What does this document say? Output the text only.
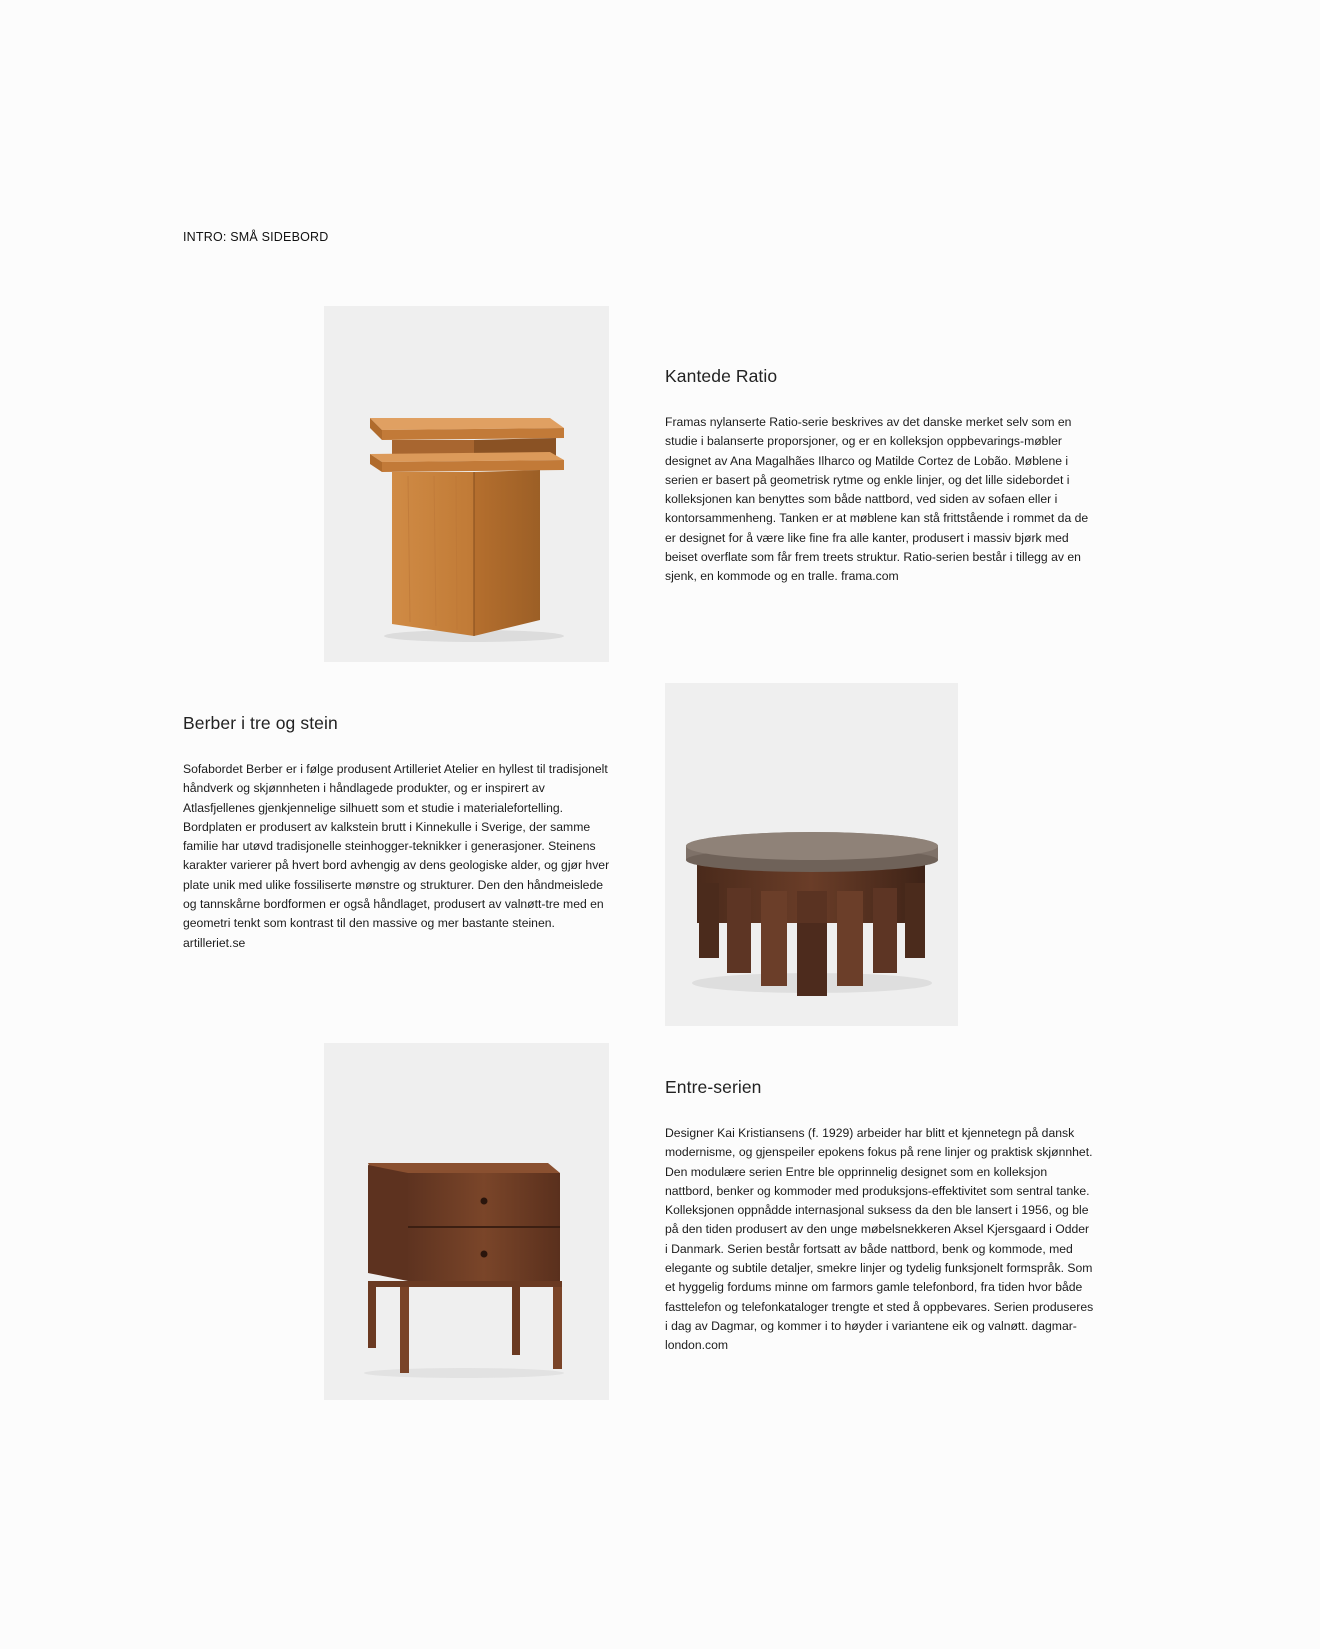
INTRO: SMÅ SIDEBORD
Kantede Ratio

Framas nylanserte Ratio-serie beskrives av det danske merket selv som en studie i balanserte proporsjoner, og er en kolleksjon oppbevarings-møbler designet av Ana Magalhães Ilharco og Matilde Cortez de Lobão. Møblene i serien er basert på geometrisk rytme og enkle linjer, og det lille sidebordet i kolleksjonen kan benyttes som både nattbord, ved siden av sofaen eller i kontorsammenheng. Tanken er at møblene kan stå frittstående i rommet da de er designet for å være like fine fra alle kanter, produsert i massiv bjørk med beiset overflate som får frem treets struktur. Ratio-serien består i tillegg av en sjenk, en kommode og en tralle. frama.com

Berber i tre og stein

Sofabordet Berber er i følge produsent Artilleriet Atelier en hyllest til tradisjonelt håndverk og skjønnheten i håndlagede produkter, og er inspirert av Atlasfjellenes gjenkjennelige silhuett som et studie i materialefortelling. Bordplaten er produsert av kalkstein brutt i Kinnekulle i Sverige, der samme familie har utøvd tradisjonelle steinhogger-teknikker i generasjoner. Steinens karakter varierer på hvert bord avhengig av dens geologiske alder, og gjør hver plate unik med ulike fossiliserte mønstre og strukturer. Den den håndmeislede og tannskårne bordformen er også håndlaget, produsert av valnøtt-tre med en geometri tenkt som kontrast til den massive og mer bastante steinen. artilleriet.se

Entre-serien

Designer Kai Kristiansens (f. 1929) arbeider har blitt et kjennetegn på dansk modernisme, og gjenspeiler epokens fokus på rene linjer og praktisk skjønnhet. Den modulære serien Entre ble opprinnelig designet som en kolleksjon nattbord, benker og kommoder med produksjons-effektivitet som sentral tanke. Kolleksjonen oppnådde internasjonal suksess da den ble lansert i 1956, og ble på den tiden produsert av den unge møbelsnekkeren Aksel Kjersgaard i Odder i Danmark. Serien består fortsatt av både nattbord, benk og kommode, med elegante og subtile detaljer, smekre linjer og tydelig funksjonelt formspråk. Som et hyggelig fordums minne om farmors gamle telefonbord, fra tiden hvor både fasttelefon og telefonkataloger trengte et sted å oppbevares. Serien produseres i dag av Dagmar, og kommer i to høyder i variantene eik og valnøtt. dagmar-london.com
